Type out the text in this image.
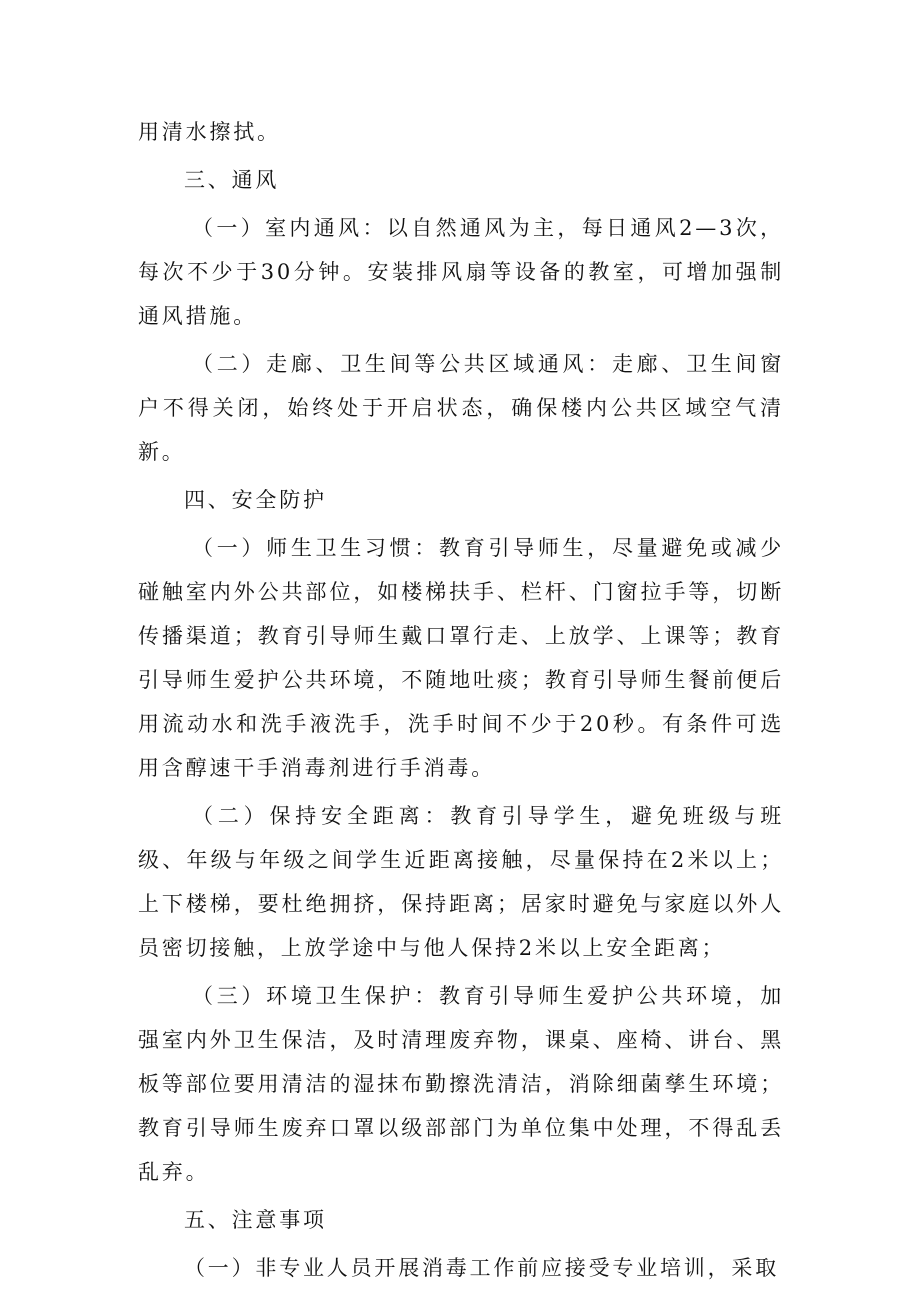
用清水擦拭。

三、通风

（一）室内通风：以自然通风为主，每日通风2—3次，每次不少于30分钟。安装排风扇等设备的教室，可增加强制通风措施。

（二）走廊、卫生间等公共区域通风：走廊、卫生间窗户不得关闭，始终处于开启状态，确保楼内公共区域空气清新。

四、安全防护

（一）师生卫生习惯：教育引导师生，尽量避免或减少碰触室内外公共部位，如楼梯扶手、栏杆、门窗拉手等，切断传播渠道；教育引导师生戴口罩行走、上放学、上课等；教育引导师生爱护公共环境，不随地吐痰；教育引导师生餐前便后用流动水和洗手液洗手，洗手时间不少于20秒。有条件可选用含醇速干手消毒剂进行手消毒。

（二）保持安全距离：教育引导学生，避免班级与班级、年级与年级之间学生近距离接触，尽量保持在2米以上；上下楼梯，要杜绝拥挤，保持距离；居家时避免与家庭以外人员密切接触，上放学途中与他人保持2米以上安全距离；

（三）环境卫生保护：教育引导师生爱护公共环境，加强室内外卫生保洁，及时清理废弃物，课桌、座椅、讲台、黑板等部位要用清洁的湿抹布勤擦洗清洁，消除细菌孳生环境；教育引导师生废弃口罩以级部部门为单位集中处理，不得乱丢乱弃。

五、注意事项

（一）非专业人员开展消毒工作前应接受专业培训，采取
